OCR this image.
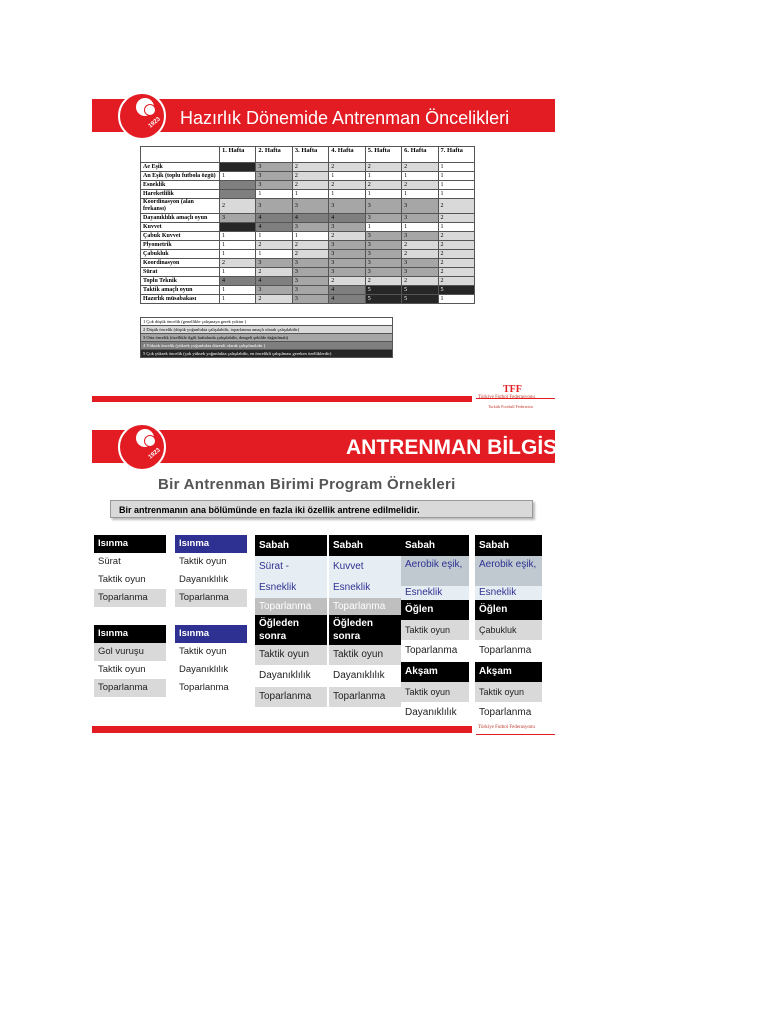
1923 Hazırlık Dönemide Antrenman Öncelikleri
	1. Hafta	2. Hafta	3. Hafta	4. Hafta	5. Hafta	6. Hafta	7. Hafta
Ae Eşik		3	2	2	2	2	1
An Eşik (toplu futbola özgü)	1	3	2	1	1	1	1
Esneklik		3	2	2	2	2	1
Hareketlilik		1	1	1	1	1	1
Koordinasyon (alan frekansı)	2	3	3	3	3	3	2
Dayanıklılık amaçlı oyun	3	4	4	4	3	3	2
Kuvvet		4	3	3	1	1	1
Çabuk Kuvvet	1	1	1	2	3	3	2
Plyometrik	1	2	2	3	3	2	2
Çabukluk	1	1	2	3	3	2	2
Koordinasyon	2	3	3	3	3	3	2
Sürat	1	2	3	3	3	3	2
Toplu Teknik	4	4	3	2	2	2	2
Taktik amaçlı oyun	1	3	3	4	5	5	5
Hazırlık müsabakası	1	2	3	4	5	5	1
1 Çok düşük öncelik (genellikle çalışmaya gerek yoktur )
2 Düşük öncelik (düşük yoğunlukta çalışılabilir, toparlanma amaçlı olarak çalışılabilir)
3 Orta öncelik (özellikle ilgili haftalarda çalışılabilir, dengeli şekilde dağıtılmalı)
4 Yüksek öncelik (yüksek yoğunlukta düzenli olarak çalışılmalıdır )
5 Çok yüksek öncelik (çok yüksek yoğunlukta çalışılabilir, en öncelikli çalışılması gereken özelliklerdir)
TFF
Türkiye Futbol Federasyonu
Turkish Football Federation
1923	ANTRENMAN BİLGİSİ
Bir Antrenman Birimi Program Örnekleri
Bir antrenmanın ana bölümünde en fazla iki özellik antrene edilmelidir.
Isınma
Sürat
Taktik oyun
Toparlanma
Isınma
Gol vuruşu
Taktik oyun
Toparlanma
Isınma
Taktik oyun
Dayanıklılık
Toparlanma
Isınma
Taktik oyun
Dayanıklılık
Toparlanma
Sabah
Sürat -
Esneklik
Toparlanma
Öğleden sonra
Taktik oyun
Dayanıklılık
Toparlanma
Sabah
Kuvvet
Esneklik
Toparlanma
Öğleden sonra
Taktik oyun
Dayanıklılık
Toparlanma
Sabah
Aerobik eşik,
Esneklik
Öğlen
Taktik oyun
Toparlanma
Akşam
Taktik oyun
Dayanıklılık
Sabah
Aerobik eşik,
Esneklik
Öğlen
Çabukluk
Toparlanma
Akşam
Taktik oyun
Toparlanma
Türkiye Futbol Federasyonu
